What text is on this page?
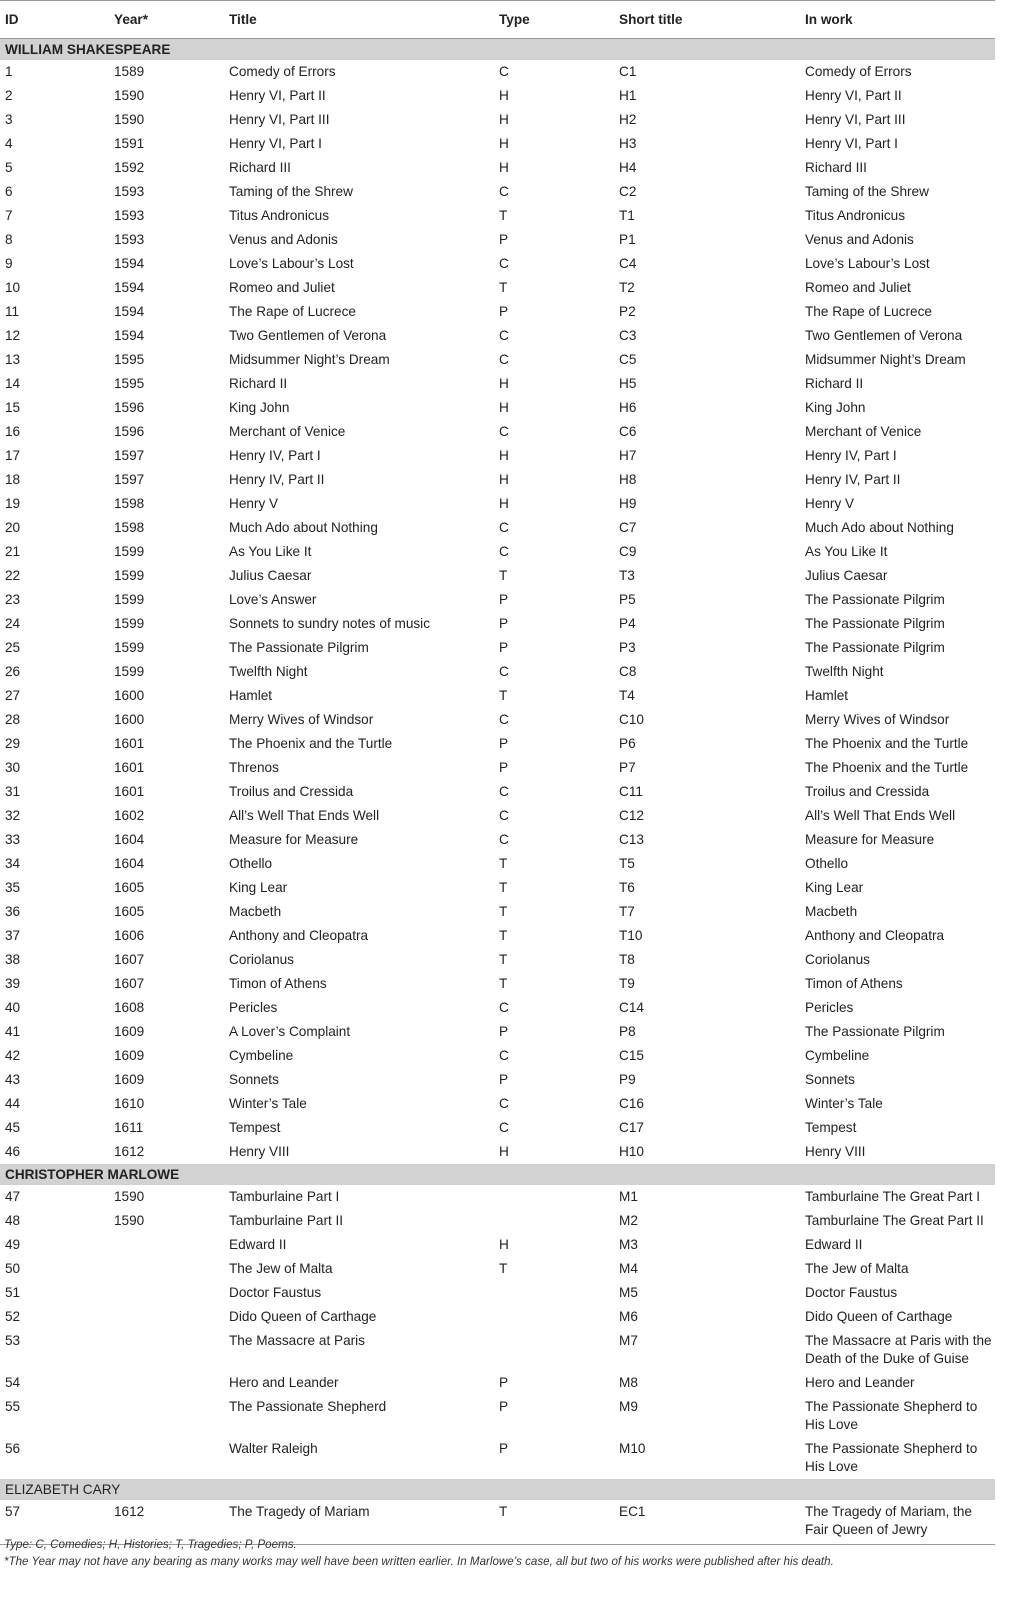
ID	Year*	Title	Type	Short title	In work
WILLIAM SHAKESPEARE					
1	1589	Comedy of Errors	C	C1	Comedy of Errors
2	1590	Henry VI, Part II	H	H1	Henry VI, Part II
3	1590	Henry VI, Part III	H	H2	Henry VI, Part III
4	1591	Henry VI, Part I	H	H3	Henry VI, Part I
5	1592	Richard III	H	H4	Richard III
6	1593	Taming of the Shrew	C	C2	Taming of the Shrew
7	1593	Titus Andronicus	T	T1	Titus Andronicus
8	1593	Venus and Adonis	P	P1	Venus and Adonis
9	1594	Love’s Labour’s Lost	C	C4	Love’s Labour’s Lost
10	1594	Romeo and Juliet	T	T2	Romeo and Juliet
11	1594	The Rape of Lucrece	P	P2	The Rape of Lucrece
12	1594	Two Gentlemen of Verona	C	C3	Two Gentlemen of Verona
13	1595	Midsummer Night’s Dream	C	C5	Midsummer Night’s Dream
14	1595	Richard II	H	H5	Richard II
15	1596	King John	H	H6	King John
16	1596	Merchant of Venice	C	C6	Merchant of Venice
17	1597	Henry IV, Part I	H	H7	Henry IV, Part I
18	1597	Henry IV, Part II	H	H8	Henry IV, Part II
19	1598	Henry V	H	H9	Henry V
20	1598	Much Ado about Nothing	C	C7	Much Ado about Nothing
21	1599	As You Like It	C	C9	As You Like It
22	1599	Julius Caesar	T	T3	Julius Caesar
23	1599	Love’s Answer	P	P5	The Passionate Pilgrim
24	1599	Sonnets to sundry notes of music	P	P4	The Passionate Pilgrim
25	1599	The Passionate Pilgrim	P	P3	The Passionate Pilgrim
26	1599	Twelfth Night	C	C8	Twelfth Night
27	1600	Hamlet	T	T4	Hamlet
28	1600	Merry Wives of Windsor	C	C10	Merry Wives of Windsor
29	1601	The Phoenix and the Turtle	P	P6	The Phoenix and the Turtle
30	1601	Threnos	P	P7	The Phoenix and the Turtle
31	1601	Troilus and Cressida	C	C11	Troilus and Cressida
32	1602	All’s Well That Ends Well	C	C12	All’s Well That Ends Well
33	1604	Measure for Measure	C	C13	Measure for Measure
34	1604	Othello	T	T5	Othello
35	1605	King Lear	T	T6	King Lear
36	1605	Macbeth	T	T7	Macbeth
37	1606	Anthony and Cleopatra	T	T10	Anthony and Cleopatra
38	1607	Coriolanus	T	T8	Coriolanus
39	1607	Timon of Athens	T	T9	Timon of Athens
40	1608	Pericles	C	C14	Pericles
41	1609	A Lover’s Complaint	P	P8	The Passionate Pilgrim
42	1609	Cymbeline	C	C15	Cymbeline
43	1609	Sonnets	P	P9	Sonnets
44	1610	Winter’s Tale	C	C16	Winter’s Tale
45	1611	Tempest	C	C17	Tempest
46	1612	Henry VIII	H	H10	Henry VIII
CHRISTOPHER MARLOWE					
47	1590	Tamburlaine Part I		M1	Tamburlaine The Great Part I
48	1590	Tamburlaine Part II		M2	Tamburlaine The Great Part II
49		Edward II	H	M3	Edward II
50		The Jew of Malta	T	M4	The Jew of Malta
51		Doctor Faustus		M5	Doctor Faustus
52		Dido Queen of Carthage		M6	Dido Queen of Carthage
53		The Massacre at Paris		M7	The Massacre at Paris with the Death of the Duke of Guise
54		Hero and Leander	P	M8	Hero and Leander
55		The Passionate Shepherd	P	M9	The Passionate Shepherd to His Love
56		Walter Raleigh	P	M10	The Passionate Shepherd to His Love
ELIZABETH CARY					
57	1612	The Tragedy of Mariam	T	EC1	The Tragedy of Mariam, the Fair Queen of Jewry
Type: C, Comedies; H, Histories; T, Tragedies; P, Poems.
*The Year may not have any bearing as many works may well have been written earlier. In Marlowe’s case, all but two of his works were published after his death.
